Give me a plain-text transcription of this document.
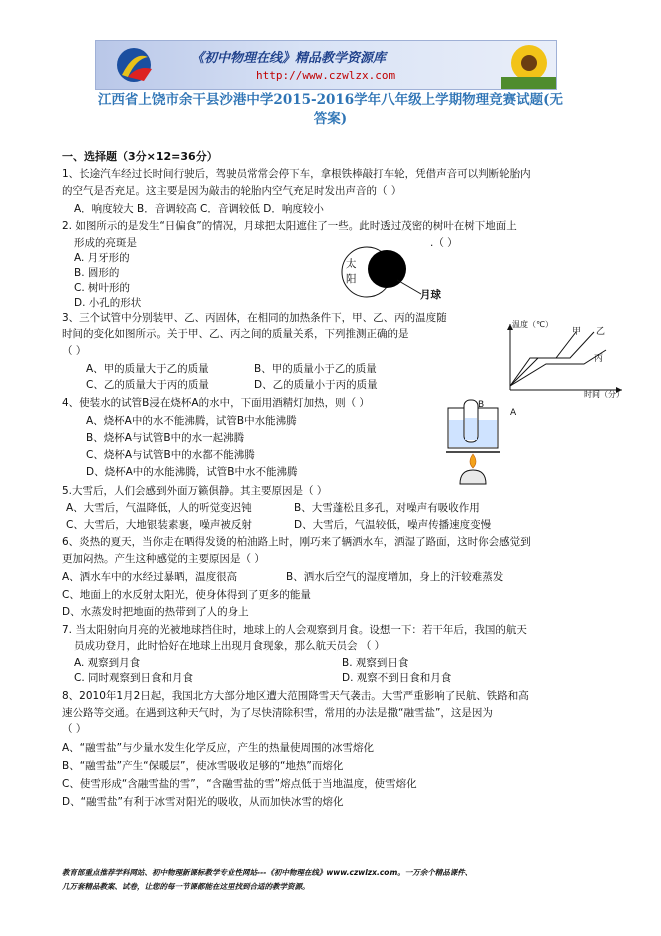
《初中物理在线》精品教学资源库
http://www.czwlzx.com
江西省上饶市余干县沙港中学2015-2016学年八年级上学期物理竞赛试题(无
答案)
一、选择题（3分×12=36分）
1、长途汽车经过长时间行驶后，驾驶员常常会停下车，拿根铁棒敲打车轮，凭借声音可以判断轮胎内
的空气是否充足。这主要是因为敲击的轮胎内空气充足时发出声音的（ ）
A．响度较大 B．音调较高 C．音调较低 D．响度较小
2. 如图所示的是发生“日偏食”的情况，月球把太阳遮住了一些。此时透过茂密的树叶在树下地面上
形成的亮斑是	.（ ）
A. 月牙形的
B. 圆形的
C. 树叶形的
D. 小孔的形状
太
阳
月球
3、三个试管中分别装甲、乙、丙固体，在相同的加热条件下，甲、乙、丙的温度随
时间的变化如图所示。关于甲、乙、丙之间的质量关系，下列推测正确的是
（ ）
A、甲的质量大于乙的质量	B、甲的质量小于乙的质量
C、乙的质量大于丙的质量	D、乙的质量小于丙的质量
温度（℃）
甲 乙
丙
时间（分）
4、使装水的试管B浸在烧杯A的水中，下面用酒精灯加热，则（ ）
A、烧杯A中的水不能沸腾，试管B中水能沸腾
B、烧杯A与试管B中的水一起沸腾
C、烧杯A与试管B中的水都不能沸腾
D、烧杯A中的水能沸腾，试管B中水不能沸腾
B
A
5.大雪后，人们会感到外面万籁俱静。其主要原因是（ ）
A、大雪后，气温降低，人的听觉变迟钝	B、大雪蓬松且多孔，对噪声有吸收作用
C、大雪后，大地银装素裹，噪声被反射	D、大雪后，气温较低，噪声传播速度变慢
6、炎热的夏天，当你走在晒得发烫的柏油路上时，刚巧来了辆洒水车，洒湿了路面，这时你会感觉到
更加闷热。产生这种感觉的主要原因是（ ）
A、洒水车中的水经过暴晒，温度很高	B、洒水后空气的湿度增加，身上的汗较难蒸发
C、地面上的水反射太阳光，使身体得到了更多的能量
D、水蒸发时把地面的热带到了人的身上
7. 当太阳射向月亮的光被地球挡住时，地球上的人会观察到月食。设想一下：若干年后，我国的航天
员成功登月，此时恰好在地球上出现月食现象，那么航天员会 （ ）
A. 观察到月食	B. 观察到日食
C. 同时观察到日食和月食	D. 观察不到日食和月食
8、2010年1月2日起，我国北方大部分地区遭大范围降雪天气袭击。大雪严重影响了民航、铁路和高
速公路等交通。在遇到这种天气时，为了尽快清除积雪，常用的办法是撒“融雪盐”，这是因为
（ ）
A、“融雪盐”与少量水发生化学反应，产生的热量使周围的冰雪熔化
B、“融雪盐”产生“保暖层”，使冰雪吸收足够的“地热”而熔化
C、使雪形成“含融雪盐的雪”，“含融雪盐的雪”熔点低于当地温度，使雪熔化
D、“融雪盐”有利于冰雪对阳光的吸收，从而加快冰雪的熔化
教育部重点推荐学科网站、初中物理新课标教学专业性网站---《初中物理在线》www.czwlzx.com。一万余个精品课件、
几万套精品教案、试卷，让您的每一节课都能在这里找到合适的教学资源。
